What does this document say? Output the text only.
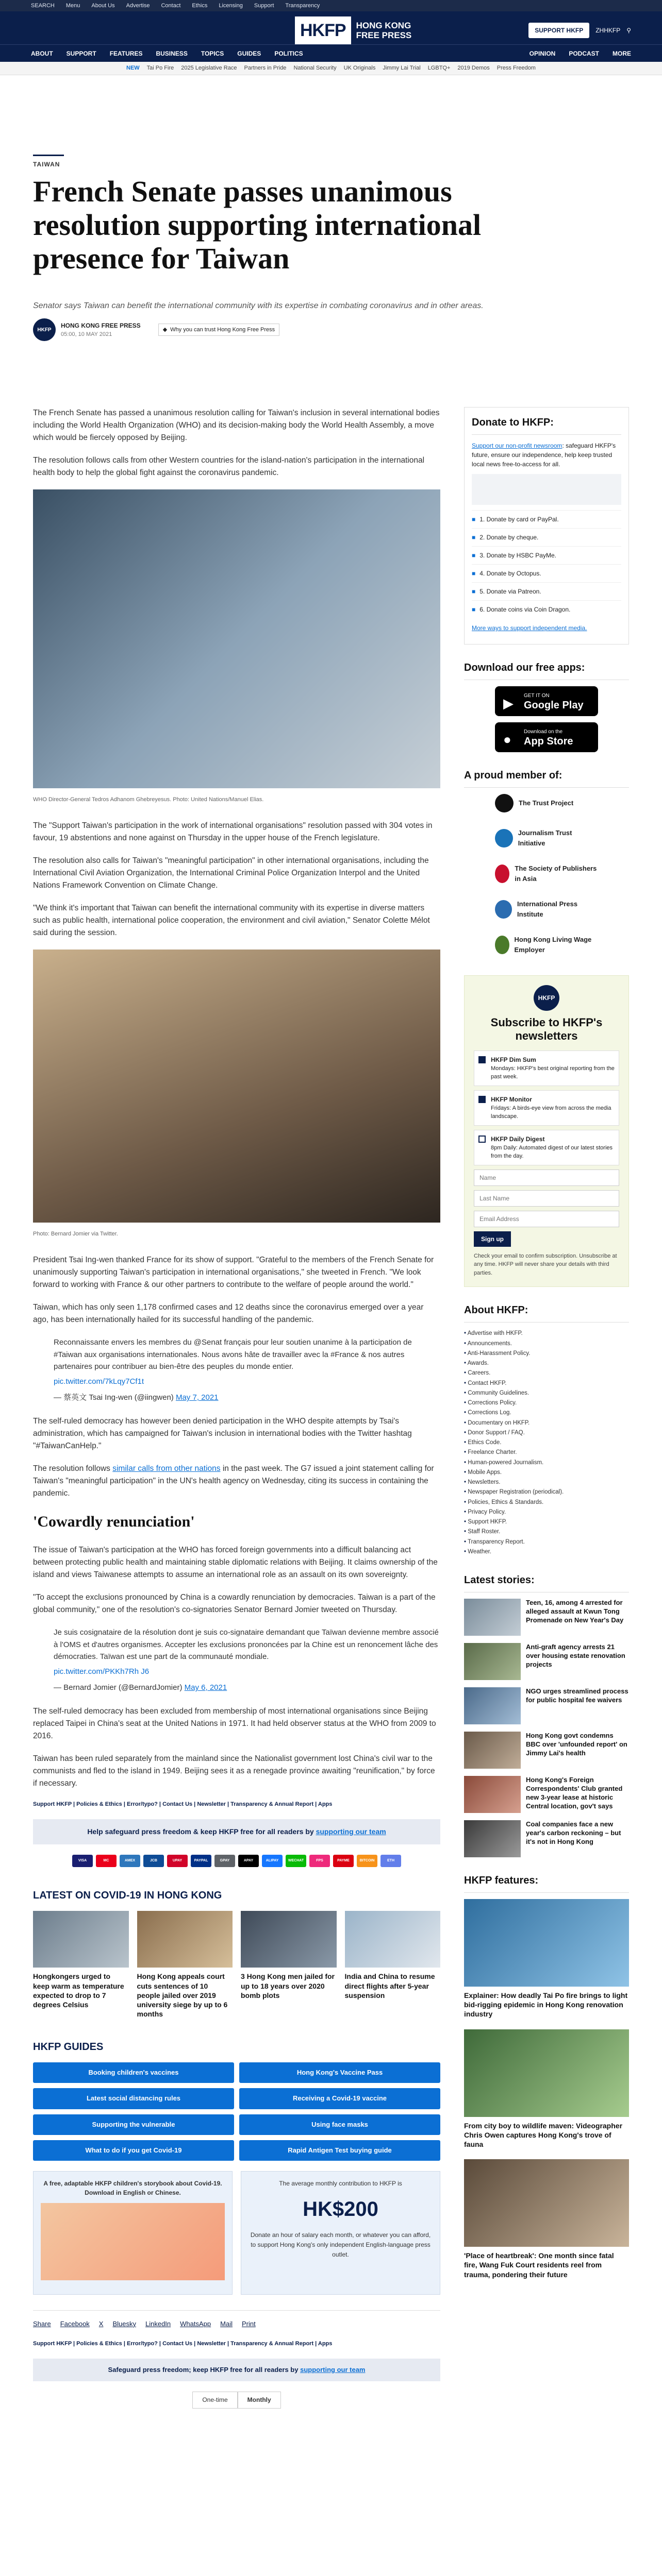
SEARCH Menu About Us Advertise Contact Ethics Licensing Support Transparency
HKFP	HONG KONG
FREE PRESS	SUPPORT HKFP	ZHHKFP ⚲
ABOUT SUPPORT FEATURES BUSINESS TOPICS GUIDES POLITICS	OPINION PODCAST MORE
NEW Tai Po Fire 2025 Legislative Race Partners in Pride National Security UK Originals Jimmy Lai Trial LGBTQ+ 2019 Demos Press Freedom
TAIWAN
French Senate passes unanimous resolution supporting international presence for Taiwan
Senator says Taiwan can benefit the international community with its expertise in combating coronavirus and in other areas.
HKFP
HONG KONG FREE PRESS
05:00, 10 MAY 2021
◆ Why you can trust Hong Kong Free Press

The French Senate has passed a unanimous resolution calling for Taiwan's inclusion in several international bodies including the World Health Organization (WHO) and its decision-making body the World Health Assembly, a move which would be fiercely opposed by Beijing.

The resolution follows calls from other Western countries for the island-nation's participation in the international health body to help the global fight against the coronavirus pandemic.

WHO Director-General Tedros Adhanom Ghebreyesus. Photo: United Nations/Manuel Elias.

The "Support Taiwan's participation in the work of international organisations" resolution passed with 304 votes in favour, 19 abstentions and none against on Thursday in the upper house of the French legislature.

The resolution also calls for Taiwan's "meaningful participation" in other international organisations, including the International Civil Aviation Organization, the International Criminal Police Organization Interpol and the United Nations Framework Convention on Climate Change.

"We think it's important that Taiwan can benefit the international community with its expertise in diverse matters such as public health, international police cooperation, the environment and civil aviation," Senator Colette Mélot said during the session.

Photo: Bernard Jomier via Twitter.

President Tsai Ing-wen thanked France for its show of support. "Grateful to the members of the French Senate for unanimously supporting Taiwan's participation in international organisations," she tweeted in French. "We look forward to working with France & our other partners to contribute to the welfare of people around the world."

Taiwan, which has only seen 1,178 confirmed cases and 12 deaths since the coronavirus emerged over a year ago, has been internationally hailed for its successful handling of the pandemic.

Reconnaissante envers les membres du @Senat français pour leur soutien unanime à la participation de #Taiwan aux organisations internationales. Nous avons hâte de travailler avec la #France & nos autres partenaires pour contribuer au bien-être des peuples du monde entier.

pic.twitter.com/7kLqy7Cf1t
— 蔡英文 Tsai Ing-wen (@iingwen) May 7, 2021

The self-ruled democracy has however been denied participation in the WHO despite attempts by Tsai's administration, which has campaigned for Taiwan's inclusion in international bodies with the Twitter hashtag "#TaiwanCanHelp."

The resolution follows similar calls from other nations in the past week. The G7 issued a joint statement calling for Taiwan's "meaningful participation" in the UN's health agency on Wednesday, citing its success in containing the pandemic.

'Cowardly renunciation'

The issue of Taiwan's participation at the WHO has forced foreign governments into a difficult balancing act between protecting public health and maintaining stable diplomatic relations with Beijing. It claims ownership of the island and views Taiwanese attempts to assume an international role as an assault on its own sovereignty.

"To accept the exclusions pronounced by China is a cowardly renunciation by democracies. Taiwan is a part of the global community," one of the resolution's co-signatories Senator Bernard Jomier tweeted on Thursday.

Je suis cosignataire de la résolution dont je suis co-signataire demandant que Taïwan devienne membre associé à l'OMS et d'autres organismes. Accepter les exclusions prononcées par la Chine est un renoncement lâche des démocraties. Taïwan est une part de la communauté mondiale.

pic.twitter.com/PKKh7Rh J6
— Bernard Jomier (@BernardJomier) May 6, 2021

The self-ruled democracy has been excluded from membership of most international organisations since Beijing replaced Taipei in China's seat at the United Nations in 1971. It had held observer status at the WHO from 2009 to 2016.

Taiwan has been ruled separately from the mainland since the Nationalist government lost China's civil war to the communists and fled to the island in 1949. Beijing sees it as a renegade province awaiting "reunification," by force if necessary.

Support HKFP | Policies & Ethics | Error/typo? | Contact Us | Newsletter | Transparency & Annual Report | Apps
Help safeguard press freedom & keep HKFP free for all readers by supporting our team
VISA	MC	AMEX	JCB	UPAY	PAYPAL	GPAY	APAY	ALIPAY	WECHAT	FPS	PAYME	BITCOIN	ETH
LATEST ON COVID-19 IN HONG KONG
Hongkongers urged to keep warm as temperature expected to drop to 7 degrees Celsius
Hong Kong appeals court cuts sentences of 10 people jailed over 2019 university siege by up to 6 months
3 Hong Kong men jailed for up to 18 years over 2020 bomb plots
India and China to resume direct flights after 5-year suspension
HKFP GUIDES
Booking children's vaccines	Hong Kong's Vaccine Pass
Latest social distancing rules	Receiving a Covid-19 vaccine
Supporting the vulnerable	Using face masks
What to do if you get Covid-19	Rapid Antigen Test buying guide
A free, adaptable HKFP children's storybook about Covid-19. Download in English or Chinese.
The average monthly contribution to HKFP is
HK$200
Donate an hour of salary each month, or whatever you can afford, to support Hong Kong's only independent English-language press outlet.
Share Facebook X Bluesky LinkedIn WhatsApp Mail Print
Support HKFP | Policies & Ethics | Error/typo? | Contact Us | Newsletter | Transparency & Annual Report | Apps
Safeguard press freedom; keep HKFP free for all readers by supporting our team
One-time	Monthly
Donate to HKFP:

Support our non-profit newsroom: safeguard HKFP's future, ensure our independence, help keep trusted local news free-to-access for all.

■ 1. Donate by card or PayPal.
■ 2. Donate by cheque.
■ 3. Donate by HSBC PayMe.
■ 4. Donate by Octopus.
■ 5. Donate via Patreon.
■ 6. Donate coins via Coin Dragon.

More ways to support independent media.

Download our free apps:
▶ GET IT ON
Google Play
● Download on the
App Store
A proud member of:
The Trust Project
Journalism Trust Initiative
The Society of Publishers in Asia
International Press Institute
Hong Kong Living Wage Employer
HKFP
Subscribe to HKFP's newsletters
HKFP Dim Sum
Mondays: HKFP's best original reporting from the past week.
HKFP Monitor
Fridays: A birds-eye view from across the media landscape.
HKFP Daily Digest
8pm Daily: Automated digest of our latest stories from the day.
Name Last Name Email Address Sign up
Check your email to confirm subscription. Unsubscribe at any time. HKFP will never share your details with third parties.
About HKFP:
• Advertise with HKFP.
• Announcements.
• Anti-Harassment Policy.
• Awards.
• Careers.
• Contact HKFP.
• Community Guidelines.
• Corrections Policy.
• Corrections Log.
• Documentary on HKFP.
• Donor Support / FAQ.
• Ethics Code.
• Freelance Charter.
• Human-powered Journalism.
• Mobile Apps.
• Newsletters.
• Newspaper Registration (periodical).
• Policies, Ethics & Standards.
• Privacy Policy.
• Support HKFP.
• Staff Roster.
• Transparency Report.
• Weather.
Latest stories:
Teen, 16, among 4 arrested for alleged assault at Kwun Tong Promenade on New Year's Day
Anti-graft agency arrests 21 over housing estate renovation projects
NGO urges streamlined process for public hospital fee waivers
Hong Kong govt condemns BBC over 'unfounded report' on Jimmy Lai's health
Hong Kong's Foreign Correspondents' Club granted new 3-year lease at historic Central location, gov't says
Coal companies face a new year's carbon reckoning – but it's not in Hong Kong
HKFP features:
Explainer: How deadly Tai Po fire brings to light bid-rigging epidemic in Hong Kong renovation industry
From city boy to wildlife maven: Videographer Chris Owen captures Hong Kong's trove of fauna
'Place of heartbreak': One month since fatal fire, Wang Fuk Court residents reel from trauma, pondering their future
